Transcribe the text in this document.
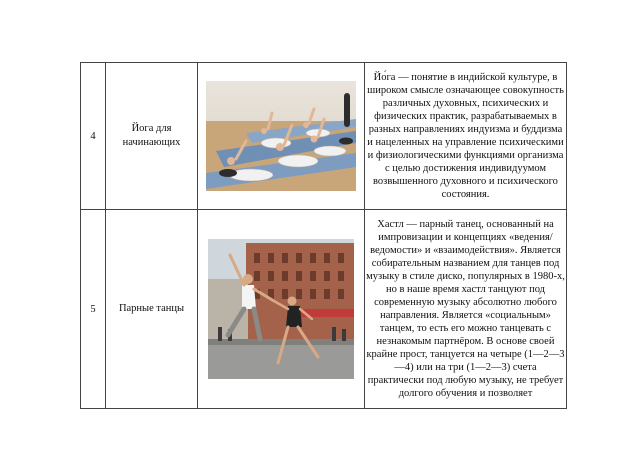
4	Йога для начинающих		Йо́га — понятие в индийской культуре, в широком смысле означающее совокупность различных духовных, психических и физических практик, разрабатываемых в разных направлениях индуизма и буддизма и нацеленных на управление психическими и физиологическими функциями организма с целью достижения индивидуумом возвышенного духовного и психического состояния.
5	Парные танцы		Хастл — парный танец, основанный на импровизации и концепциях «ведения/ведомости» и «взаимодействия». Является собирательным названием для танцев под музыку в стиле диско, популярных в 1980-х, но в наше время хастл танцуют под современную музыку абсолютно любого направления. Является «социальным» танцем, то есть его можно танцевать с незнакомым партнёром. В основе своей крайне прост, танцуется на четыре (1—2—3—4) или на три (1—2—3) счета практически под любую музыку, не требует долгого обучения и позволяет
